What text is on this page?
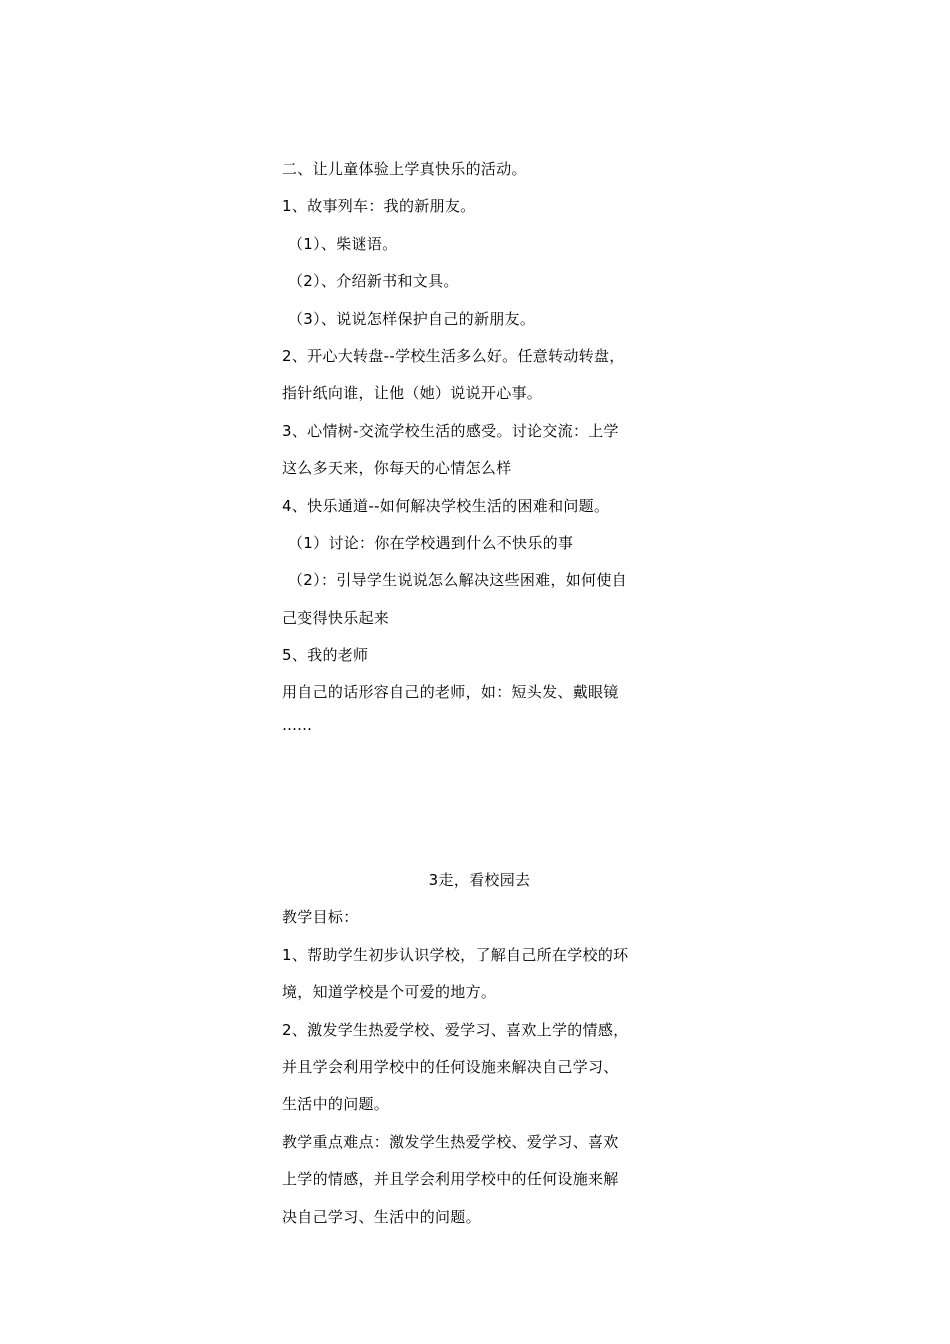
二、让儿童体验上学真快乐的活动。
1、故事列车：我的新朋友。
（1）、柴谜语。
（2）、介绍新书和文具。
（3）、说说怎样保护自己的新朋友。
2、开心大转盘--学校生活多么好。任意转动转盘，
指针纸向谁，让他（她）说说开心事。
3、心情树-交流学校生活的感受。讨论交流：上学
这么多天来，你每天的心情怎么样
4、快乐通道--如何解决学校生活的困难和问题。
（1）讨论：你在学校遇到什么不快乐的事
（2）：引导学生说说怎么解决这些困难，如何使自
己变得快乐起来
5、我的老师
用自己的话形容自己的老师，如：短头发、戴眼镜
……
3走，看校园去
教学目标：
1、帮助学生初步认识学校，了解自己所在学校的环
境，知道学校是个可爱的地方。
2、激发学生热爱学校、爱学习、喜欢上学的情感，
并且学会利用学校中的任何设施来解决自己学习、
生活中的问题。
教学重点难点：激发学生热爱学校、爱学习、喜欢
上学的情感，并且学会利用学校中的任何设施来解
决自己学习、生活中的问题。
